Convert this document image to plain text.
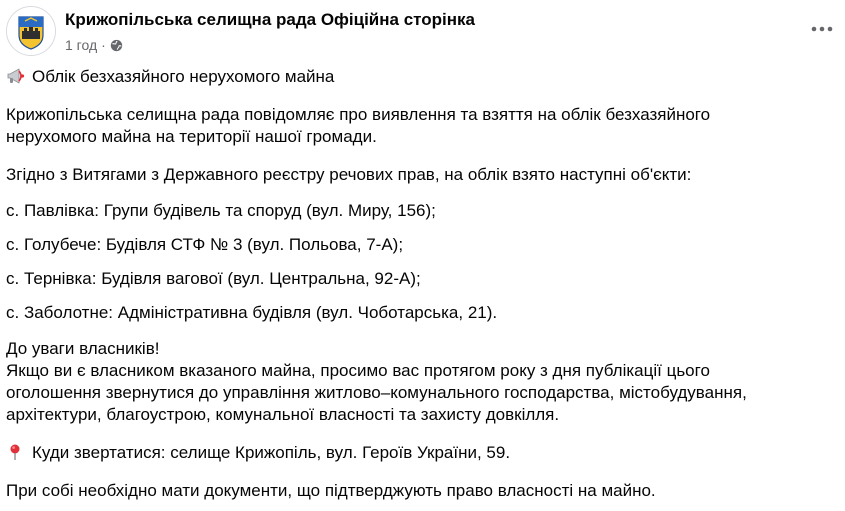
Крижопільська селищна рада Офіційна сторінка
1 год ·
Облік безхазяйного нерухомого майна
Крижопільська селищна рада повідомляє про виявлення та взяття на облік безхазяйного
нерухомого майна на території нашої громади.
Згідно з Витягами з Державного реєстру речових прав, на облік взято наступні об'єкти:
с. Павлівка: Групи будівель та споруд (вул. Миру, 156);
с. Голубече: Будівля СТФ № 3 (вул. Польова, 7-А);
с. Тернівка: Будівля вагової (вул. Центральна, 92-А);
с. Заболотне: Адміністративна будівля (вул. Чоботарська, 21).
До уваги власників!
Якщо ви є власником вказаного майна, просимо вас протягом року з дня публікації цього
оголошення звернутися до управління житлово–комунального господарства, містобудування,
архітектури, благоустрою, комунальної власності та захисту довкілля.
Куди звертатися: селище Крижопіль, вул. Героїв України, 59.
При собі необхідно мати документи, що підтверджують право власності на майно.
